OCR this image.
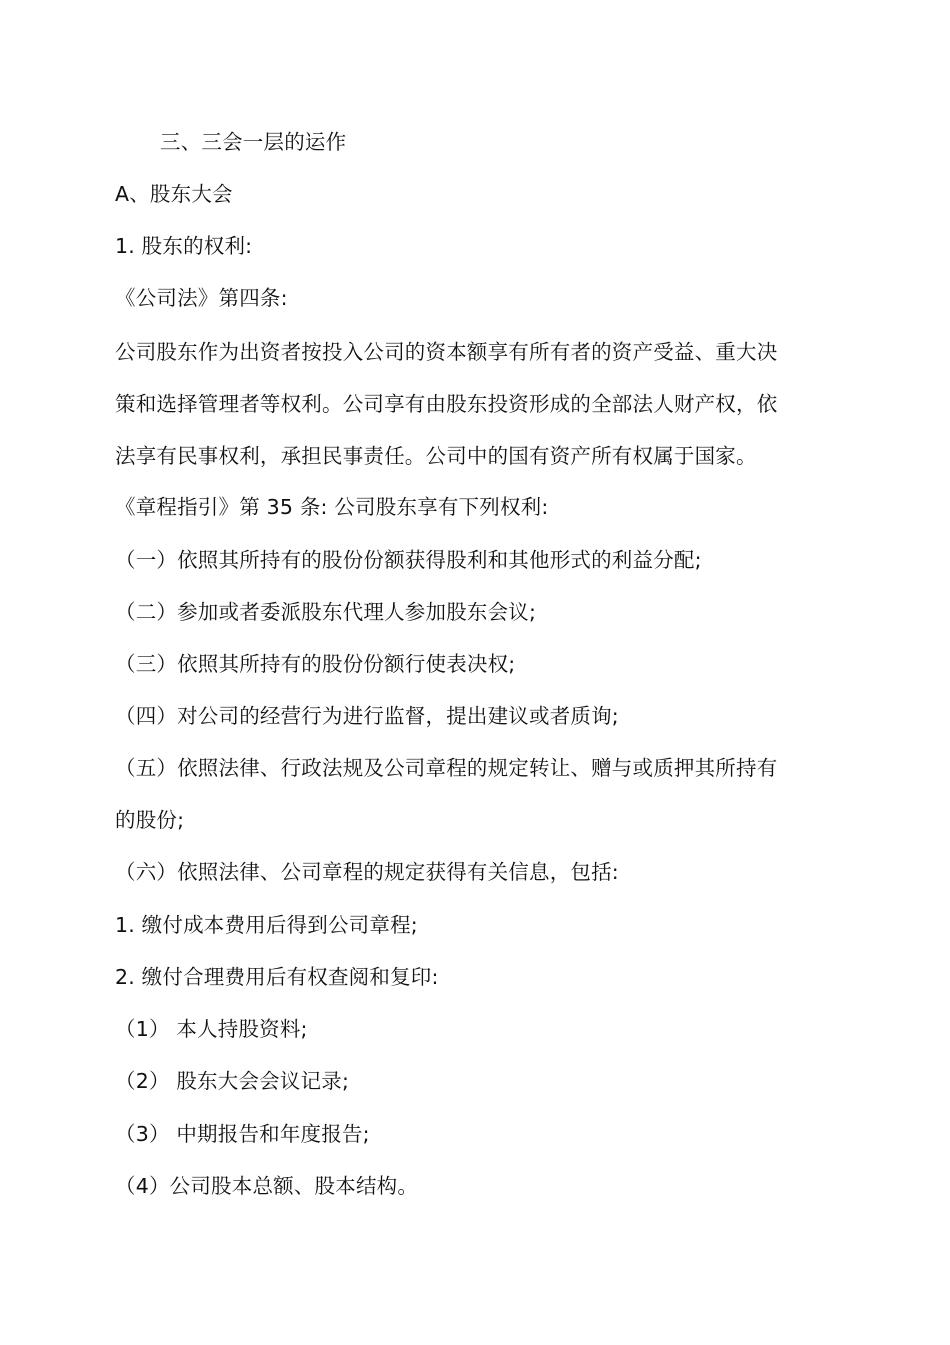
三、三会一层的运作
A、股东大会
1. 股东的权利:
《公司法》第四条:
公司股东作为出资者按投入公司的资本额享有所有者的资产受益、重大决
策和选择管理者等权利。公司享有由股东投资形成的全部法人财产权，依
法享有民事权利，承担民事责任。公司中的国有资产所有权属于国家。
《章程指引》第 35 条: 公司股东享有下列权利:
（一）依照其所持有的股份份额获得股利和其他形式的利益分配;
（二）参加或者委派股东代理人参加股东会议;
（三）依照其所持有的股份份额行使表决权;
（四）对公司的经营行为进行监督，提出建议或者质询;
（五）依照法律、行政法规及公司章程的规定转让、赠与或质押其所持有
的股份;
（六）依照法律、公司章程的规定获得有关信息，包括:
1. 缴付成本费用后得到公司章程;
2. 缴付合理费用后有权查阅和复印:
（1） 本人持股资料;
（2） 股东大会会议记录;
（3） 中期报告和年度报告;
（4）公司股本总额、股本结构。
